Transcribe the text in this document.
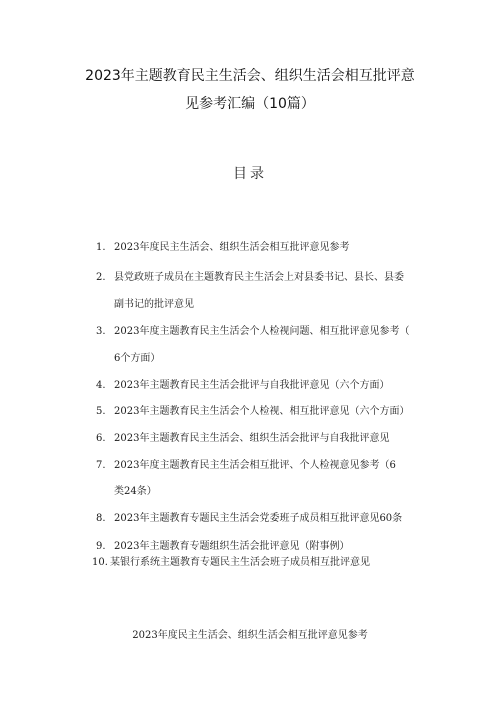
2023年主题教育民主生活会、组织生活会相互批评意
见参考汇编（10篇）
目录
1. 2023年度民主生活会、组织生活会相互批评意见参考
2. 县党政班子成员在主题教育民主生活会上对县委书记、县长、县委
副书记的批评意见
3. 2023年度主题教育民主生活会个人检视问题、相互批评意见参考（
6个方面）
4. 2023年主题教育民主生活会批评与自我批评意见（六个方面）
5. 2023年主题教育民主生活会个人检视、相互批评意见（六个方面）
6. 2023年主题教育民主生活会、组织生活会批评与自我批评意见
7. 2023年度主题教育民主生活会相互批评、个人检视意见参考（6
类24条）
8. 2023年主题教育专题民主生活会党委班子成员相互批评意见60条
9. 2023年主题教育专题组织生活会批评意见（附事例）
10. 某银行系统主题教育专题民主生活会班子成员相互批评意见
2023年度民主生活会、组织生活会相互批评意见参考
